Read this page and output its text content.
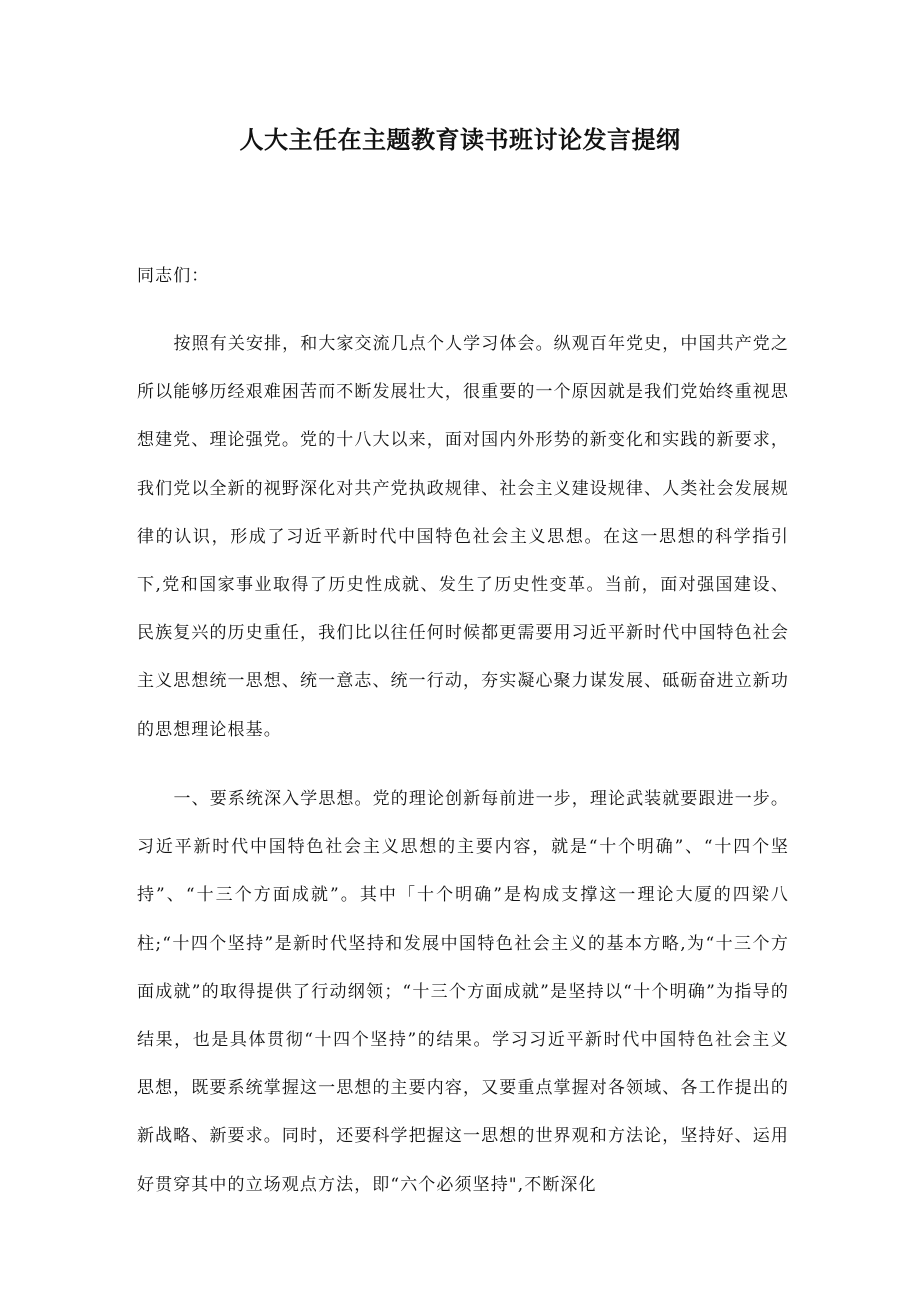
人大主任在主题教育读书班讨论发言提纲

同志们：

按照有关安排，和大家交流几点个人学习体会。纵观百年党史，中国共产党之所以能够历经艰难困苦而不断发展壮大，很重要的一个原因就是我们党始终重视思想建党、理论强党。党的十八大以来，面对国内外形势的新变化和实践的新要求，我们党以全新的视野深化对共产党执政规律、社会主义建设规律、人类社会发展规律的认识，形成了习近平新时代中国特色社会主义思想。在这一思想的科学指引下,党和国家事业取得了历史性成就、发生了历史性变革。当前，面对强国建设、民族复兴的历史重任，我们比以往任何时候都更需要用习近平新时代中国特色社会主义思想统一思想、统一意志、统一行动，夯实凝心聚力谋发展、砥砺奋进立新功的思想理论根基。

一、要系统深入学思想。党的理论创新每前进一步，理论武装就要跟进一步。习近平新时代中国特色社会主义思想的主要内容，就是“十个明确”、“十四个坚持”、“十三个方面成就”。其中「十个明确”是构成支撑这一理论大厦的四梁八柱;“十四个坚持”是新时代坚持和发展中国特色社会主义的基本方略,为“十三个方面成就”的取得提供了行动纲领；“十三个方面成就”是坚持以“十个明确”为指导的结果，也是具体贯彻“十四个坚持”的结果。学习习近平新时代中国特色社会主义思想，既要系统掌握这一思想的主要内容，又要重点掌握对各领域、各工作提出的新战略、新要求。同时，还要科学把握这一思想的世界观和方法论，坚持好、运用好贯穿其中的立场观点方法，即“六个必须坚持",不断深化
